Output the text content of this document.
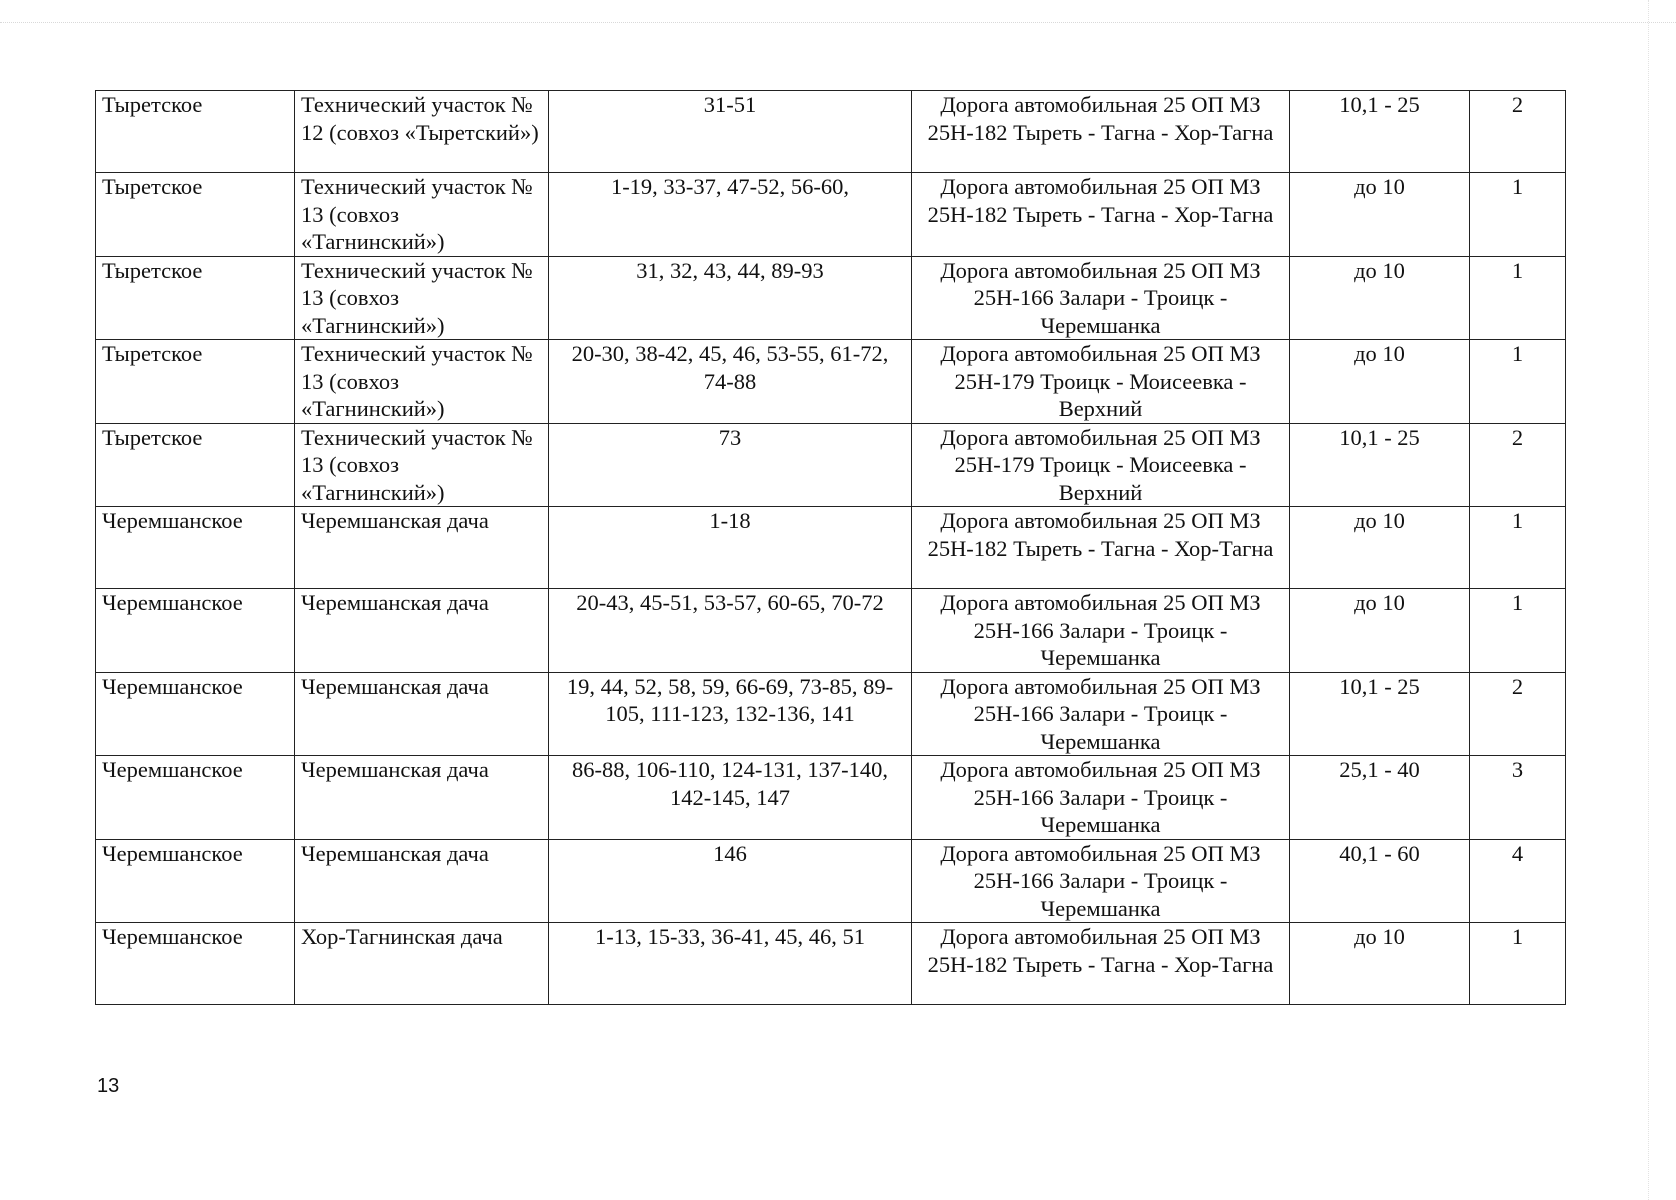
Тыретское	Технический участок № 12 (совхоз «Тыретский»)	31-51	Дорога автомобильная 25 ОП МЗ 25Н-182 Тыреть - Тагна - Хор-Тагна	10,1 - 25	2
Тыретское	Технический участок № 13 (совхоз «Тагнинский»)	1-19, 33-37, 47-52, 56-60,	Дорога автомобильная 25 ОП МЗ 25Н-182 Тыреть - Тагна - Хор-Тагна	до 10	1
Тыретское	Технический участок № 13 (совхоз «Тагнинский»)	31, 32, 43, 44, 89-93	Дорога автомобильная 25 ОП МЗ 25Н-166 Залари - Троицк - Черемшанка	до 10	1
Тыретское	Технический участок № 13 (совхоз «Тагнинский»)	20-30, 38-42, 45, 46, 53-55, 61-72, 74-88	Дорога автомобильная 25 ОП МЗ 25Н-179 Троицк - Моисеевка - Верхний	до 10	1
Тыретское	Технический участок № 13 (совхоз «Тагнинский»)	73	Дорога автомобильная 25 ОП МЗ 25Н-179 Троицк - Моисеевка - Верхний	10,1 - 25	2
Черемшанское	Черемшанская дача	1-18	Дорога автомобильная 25 ОП МЗ 25Н-182 Тыреть - Тагна - Хор-Тагна	до 10	1
Черемшанское	Черемшанская дача	20-43, 45-51, 53-57, 60-65, 70-72	Дорога автомобильная 25 ОП МЗ 25Н-166 Залари - Троицк - Черемшанка	до 10	1
Черемшанское	Черемшанская дача	19, 44, 52, 58, 59, 66-69, 73-85, 89-105, 111-123, 132-136, 141	Дорога автомобильная 25 ОП МЗ 25Н-166 Залари - Троицк - Черемшанка	10,1 - 25	2
Черемшанское	Черемшанская дача	86-88, 106-110, 124-131, 137-140, 142-145, 147	Дорога автомобильная 25 ОП МЗ 25Н-166 Залари - Троицк - Черемшанка	25,1 - 40	3
Черемшанское	Черемшанская дача	146	Дорога автомобильная 25 ОП МЗ 25Н-166 Залари - Троицк - Черемшанка	40,1 - 60	4
Черемшанское	Хор-Тагнинская дача	1-13, 15-33, 36-41, 45, 46, 51	Дорога автомобильная 25 ОП МЗ 25Н-182 Тыреть - Тагна - Хор-Тагна	до 10	1
13
